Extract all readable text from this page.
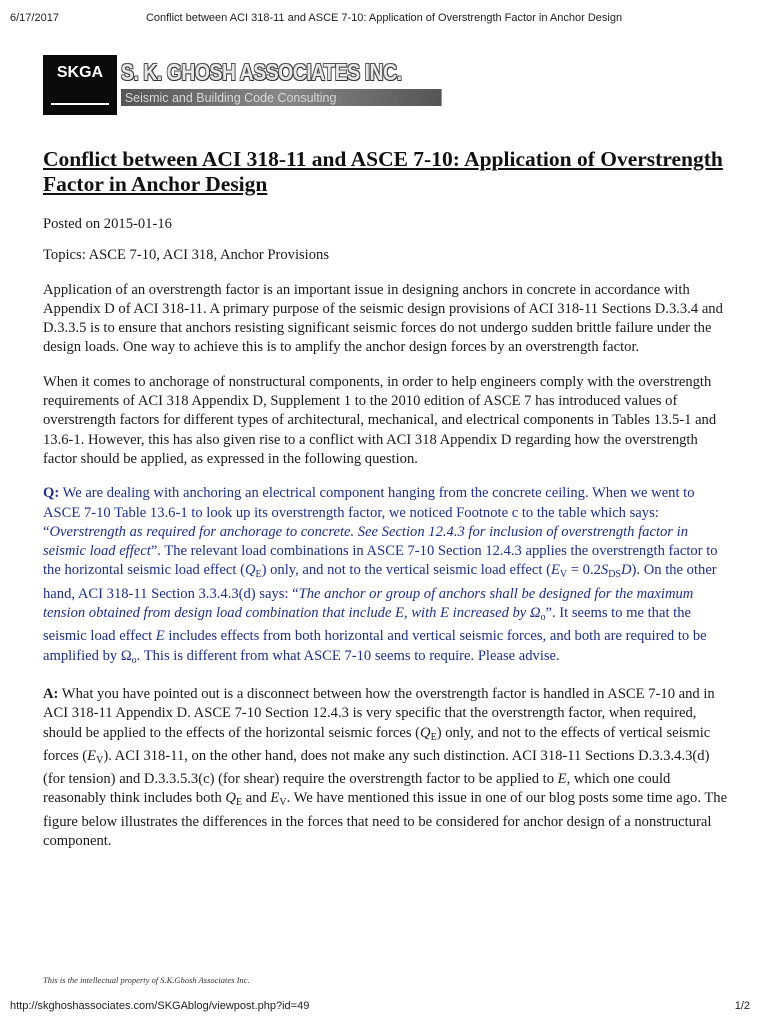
6/17/2017	Conflict between ACI 318-11 and ASCE 7-10: Application of Overstrength Factor in Anchor Design
SKGA S. K. GHOSH ASSOCIATES INC.
Seismic and Building Code Consulting
Conflict between ACI 318-11 and ASCE 7-10: Application of Overstrength Factor in Anchor Design

Posted on 2015-01-16

Topics: ASCE 7-10, ACI 318, Anchor Provisions

Application of an overstrength factor is an important issue in designing anchors in concrete in accordance with Appendix D of ACI 318-11. A primary purpose of the seismic design provisions of ACI 318-11 Sections D.3.3.4 and D.3.3.5 is to ensure that anchors resisting significant seismic forces do not undergo sudden brittle failure under the design loads. One way to achieve this is to amplify the anchor design forces by an overstrength factor.

When it comes to anchorage of nonstructural components, in order to help engineers comply with the overstrength requirements of ACI 318 Appendix D, Supplement 1 to the 2010 edition of ASCE 7 has introduced values of overstrength factors for different types of architectural, mechanical, and electrical components in Tables 13.5-1 and 13.6-1. However, this has also given rise to a conflict with ACI 318 Appendix D regarding how the overstrength factor should be applied, as expressed in the following question.

Q: We are dealing with anchoring an electrical component hanging from the concrete ceiling. When we went to ASCE 7-10 Table 13.6-1 to look up its overstrength factor, we noticed Footnote c to the table which says: “Overstrength as required for anchorage to concrete. See Section 12.4.3 for inclusion of overstrength factor in seismic load effect”. The relevant load combinations in ASCE 7-10 Section 12.4.3 applies the overstrength factor to the horizontal seismic load effect $(Q_E)$ only, and not to the vertical seismic load effect $(E_V = 0.2S_{DS}D)$. On the other hand, ACI 318-11 Section 3.3.4.3(d) says: “The anchor or group of anchors shall be designed for the maximum tension obtained from design load combination that include E, with E increased by $\Omega_o$”. It seems to me that the seismic load effect E includes effects from both horizontal and vertical seismic forces, and both are required to be amplified by $\Omega_o$. This is different from what ASCE 7-10 seems to require. Please advise.

A: What you have pointed out is a disconnect between how the overstrength factor is handled in ASCE 7-10 and in ACI 318-11 Appendix D. ASCE 7-10 Section 12.4.3 is very specific that the overstrength factor, when required, should be applied to the effects of the horizontal seismic forces $(Q_E)$ only, and not to the effects of vertical seismic forces $(E_V)$. ACI 318-11, on the other hand, does not make any such distinction. ACI 318-11 Sections D.3.3.4.3(d) (for tension) and D.3.3.5.3(c) (for shear) require the overstrength factor to be applied to E, which one could reasonably think includes both $Q_E$ and $E_V$. We have mentioned this issue in one of our blog posts some time ago. The figure below illustrates the differences in the forces that need to be considered for anchor design of a nonstructural component.

This is the intellectual property of S.K.Ghosh Associates Inc.
http://skghoshassociates.com/SKGAblog/viewpost.php?id=49	1/2
